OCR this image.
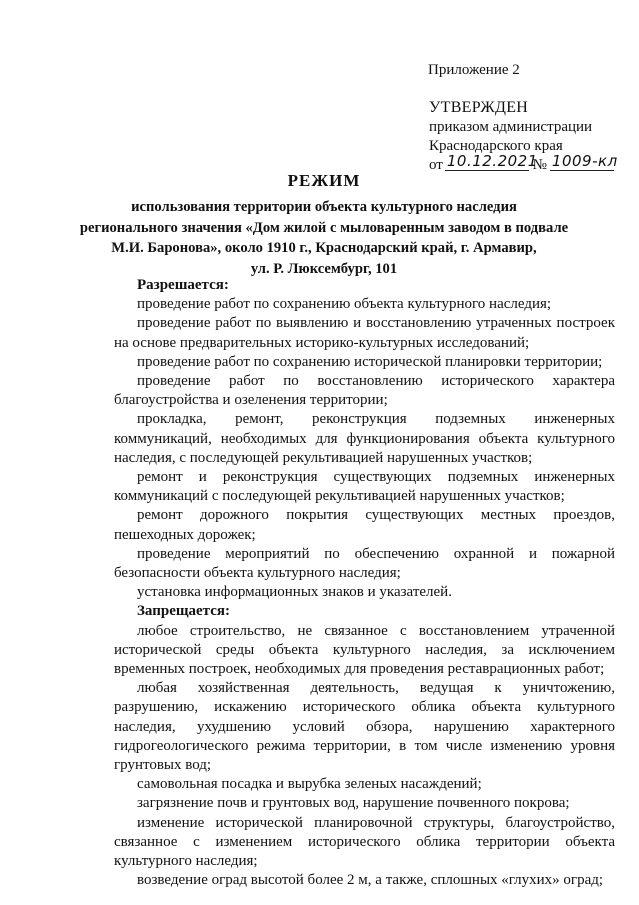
Приложение 2
УТВЕРЖДЕН
приказом администрации
Краснодарского края
от 10.12.2021
№ 1009-кл
РЕЖИМ
использования территории объекта культурного наследия
регионального значения «Дом жилой с мыловаренным заводом в подвале
М.И. Баронова», около 1910 г., Краснодарский край, г. Армавир,
ул. Р. Люксембург, 101
Разрешается:
проведение работ по сохранению объекта культурного наследия;
проведение работ по выявлению и восстановлению утраченных построек на основе предварительных историко-культурных исследований;
проведение работ по сохранению исторической планировки территории;
проведение работ по восстановлению исторического характера благоустройства и озеленения территории;
прокладка, ремонт, реконструкция подземных инженерных коммуникаций, необходимых для функционирования объекта культурного наследия, с последующей рекультивацией нарушенных участков;
ремонт и реконструкция существующих подземных инженерных коммуникаций с последующей рекультивацией нарушенных участков;
ремонт дорожного покрытия существующих местных проездов, пешеходных дорожек;
проведение мероприятий по обеспечению охранной и пожарной безопасности объекта культурного наследия;
установка информационных знаков и указателей.
Запрещается:
любое строительство, не связанное с восстановлением утраченной исторической среды объекта культурного наследия, за исключением временных построек, необходимых для проведения реставрационных работ;
любая хозяйственная деятельность, ведущая к уничтожению, разрушению, искажению исторического облика объекта культурного наследия, ухудшению условий обзора, нарушению характерного гидрогеологического режима территории, в том числе изменению уровня грунтовых вод;
самовольная посадка и вырубка зеленых насаждений;
загрязнение почв и грунтовых вод, нарушение почвенного покрова;
изменение исторической планировочной структуры, благоустройство, связанное с изменением исторического облика территории объекта культурного наследия;
возведение оград высотой более 2 м, а также, сплошных «глухих» оград;
